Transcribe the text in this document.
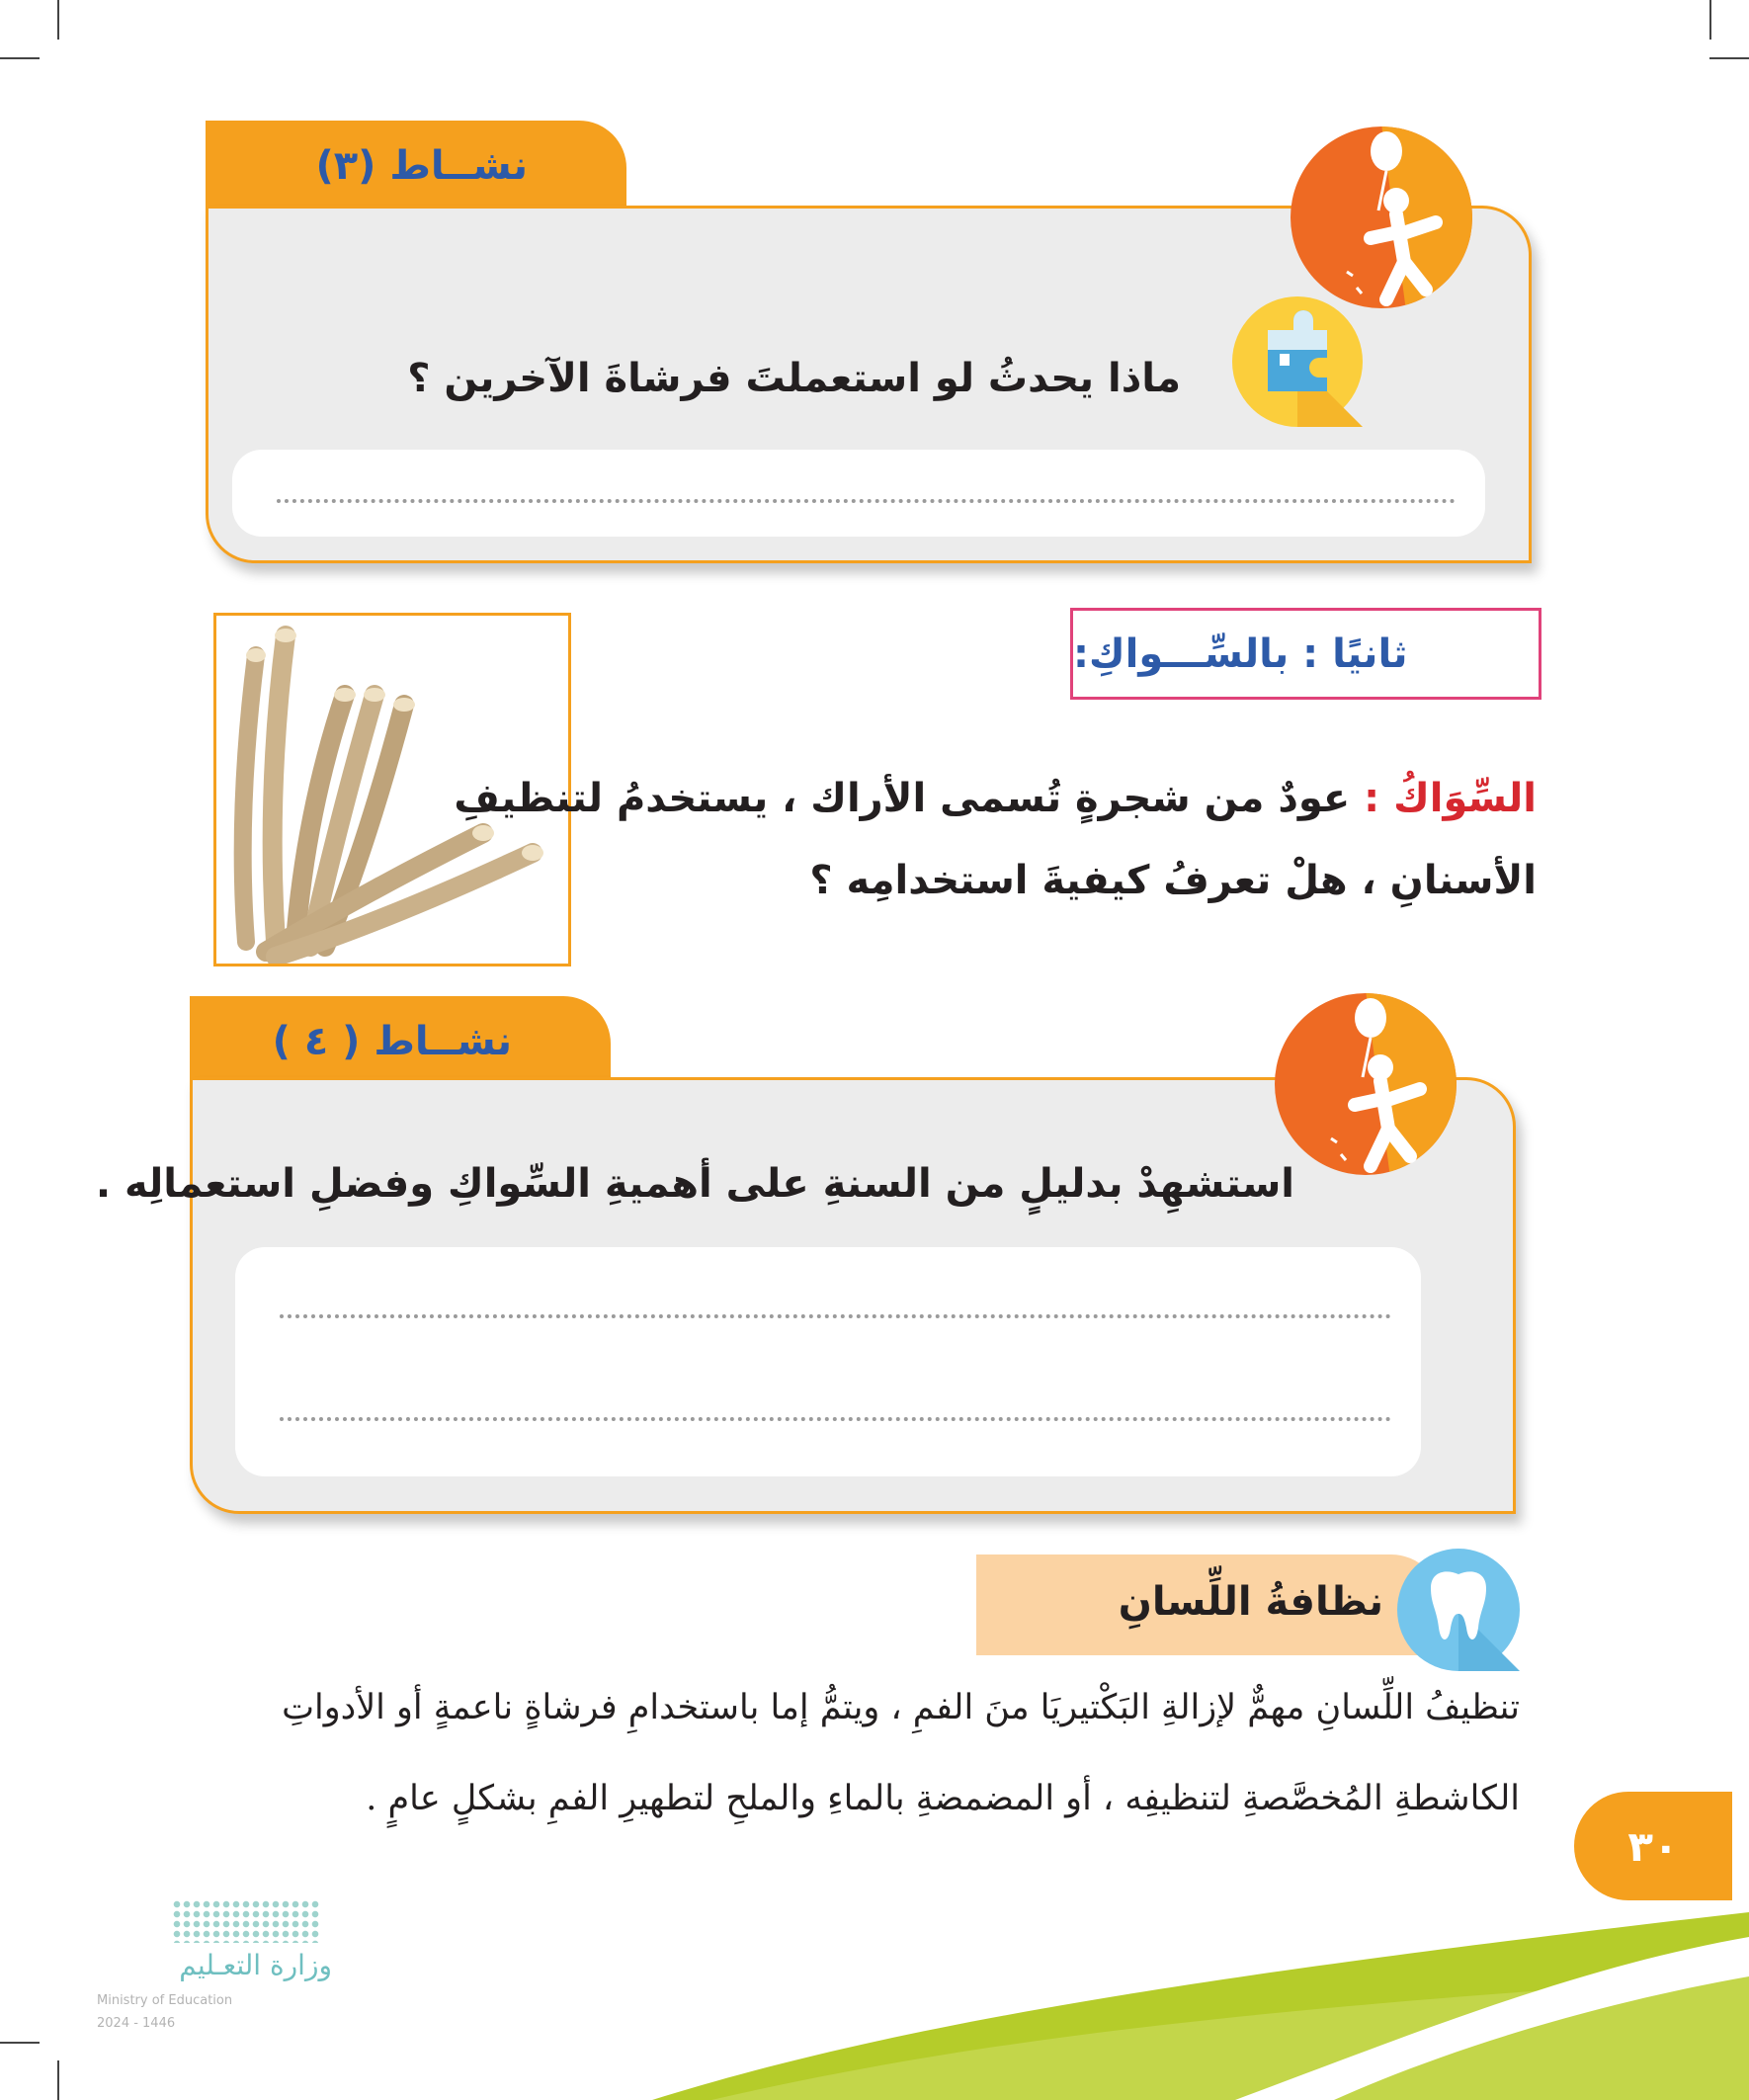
نشــاط (٣)
ماذا يحدثُ لو استعملتَ فرشاةَ الآخرين ؟
ثانيًا : بالسِّـــواكِ:
السِّوَاكُ : عودٌ من شجرةٍ تُسمى الأراك ، يستخدمُ لتنظيفِ
الأسنانِ ، هلْ تعرفُ كيفيةَ استخدامِه ؟
نشــاط ( ٤ )
استشهِدْ بدليلٍ من السنةِ على أهميةِ السِّواكِ وفضلِ استعمالِه .
نظافةُ اللِّسانِ
تنظيفُ اللِّسانِ مهمٌّ لإزالةِ البَكْتيريَا منَ الفمِ ، ويتمُّ إما باستخدامِ فرشاةٍ ناعمةٍ أو الأدواتِ
الكاشطةِ المُخصَّصةِ لتنظيفِه ، أو المضمضةِ بالماءِ والملحِ لتطهيرِ الفمِ بشكلٍ عامٍ .
٣٠
وزارة التعـليم
Ministry of Education
2024 - 1446
